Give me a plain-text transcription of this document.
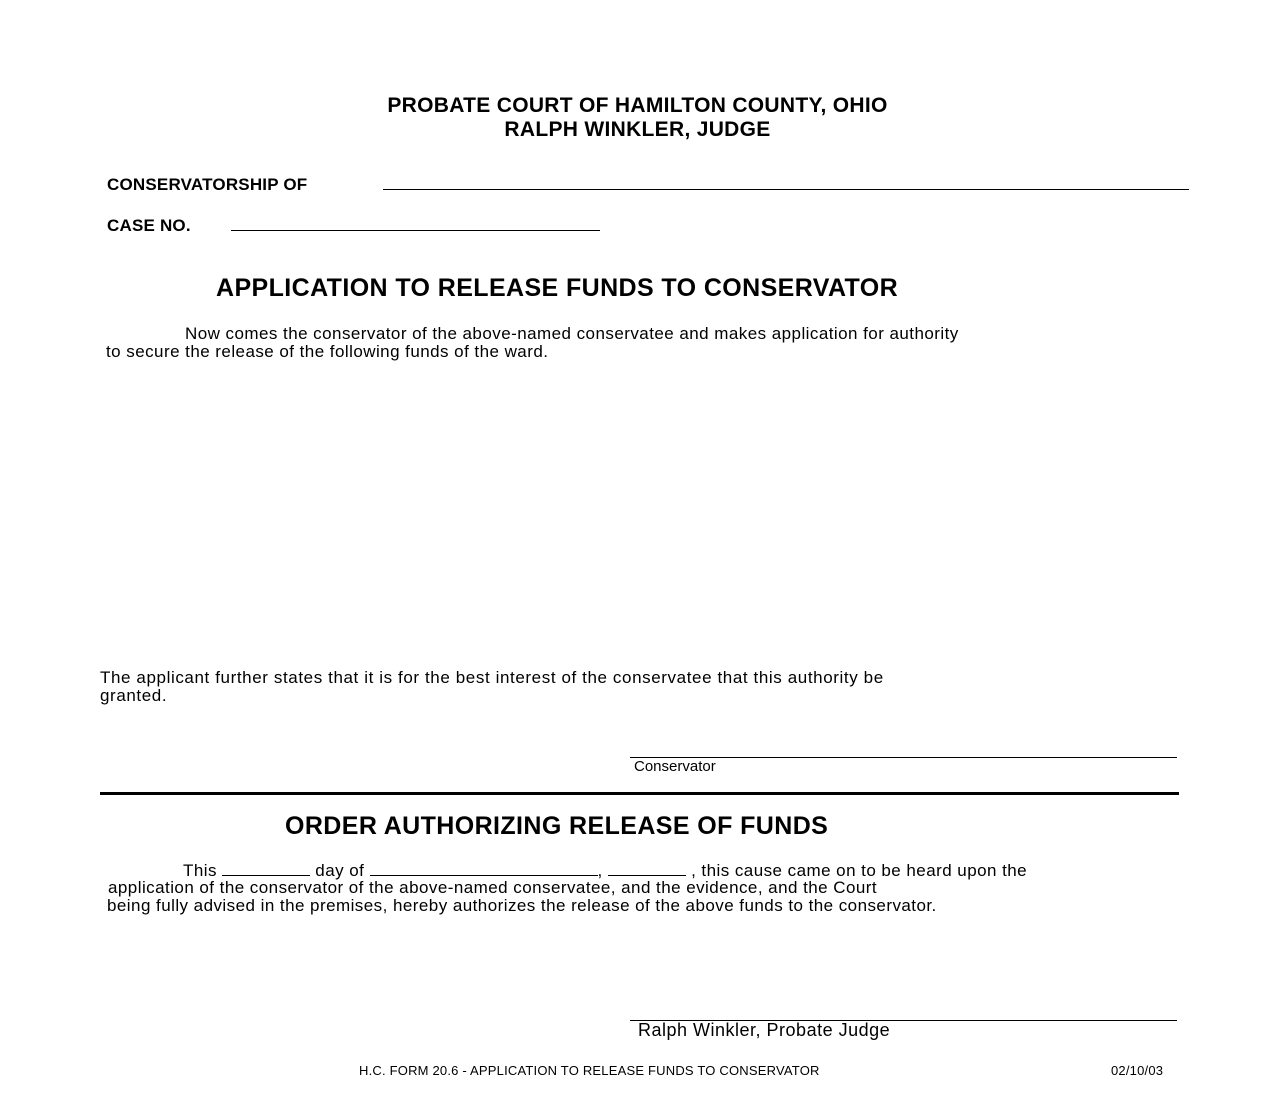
PROBATE COURT OF HAMILTON COUNTY, OHIO
RALPH WINKLER, JUDGE
CONSERVATORSHIP OF
CASE NO.
APPLICATION TO RELEASE FUNDS TO CONSERVATOR
Now comes the conservator of the above-named conservatee and makes application for authority
to secure the release of the following funds of the ward.
The applicant further states that it is for the best interest of the conservatee that this authority be
granted.
Conservator
ORDER AUTHORIZING RELEASE OF FUNDS
This	day of	,	, this cause came on to be heard upon the
application of the conservator of the above-named conservatee, and the evidence, and the Court
being fully advised in the premises, hereby authorizes the release of the above funds to the conservator.
Ralph Winkler, Probate Judge
H.C. FORM 20.6 - APPLICATION TO RELEASE FUNDS TO CONSERVATOR	02/10/03
